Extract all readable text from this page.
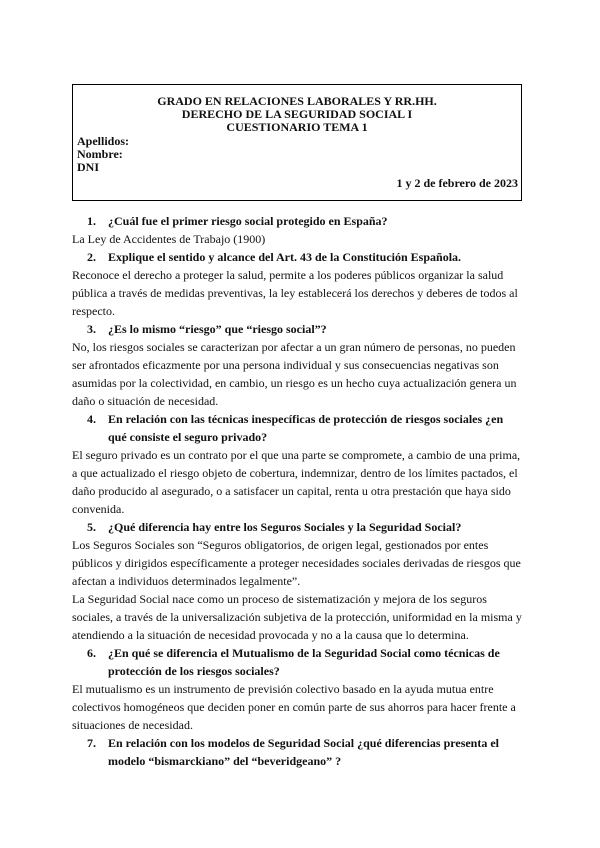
GRADO EN RELACIONES LABORALES Y RR.HH.
DERECHO DE LA SEGURIDAD SOCIAL I
CUESTIONARIO TEMA 1
Apellidos:
Nombre:
DNI
1 y 2 de febrero de 2023
1.	¿Cuál fue el primer riesgo social protegido en España?

La Ley de Accidentes de Trabajo (1900)

2.	Explique el sentido y alcance del Art. 43 de la Constitución Española.

Reconoce el derecho a proteger la salud, permite a los poderes públicos organizar la salud pública a través de medidas preventivas, la ley establecerá los derechos y deberes de todos al respecto.

3.	¿Es lo mismo “riesgo” que “riesgo social”?

No, los riesgos sociales se caracterizan por afectar a un gran número de personas, no pueden ser afrontados eficazmente por una persona individual y sus consecuencias negativas son asumidas por la colectividad, en cambio, un riesgo es un hecho cuya actualización genera un daño o situación de necesidad.

4.	En relación con las técnicas inespecíficas de protección de riesgos sociales ¿en qué consiste el seguro privado?

El seguro privado es un contrato por el que una parte se compromete, a cambio de una prima, a que actualizado el riesgo objeto de cobertura, indemnizar, dentro de los límites pactados, el daño producido al asegurado, o a satisfacer un capital, renta u otra prestación que haya sido convenida.

5.	¿Qué diferencia hay entre los Seguros Sociales y la Seguridad Social?

Los Seguros Sociales son “Seguros obligatorios, de origen legal, gestionados por entes públicos y dirigidos específicamente a proteger necesidades sociales derivadas de riesgos que afectan a individuos determinados legalmente”.

La Seguridad Social nace como un proceso de sistematización y mejora de los seguros sociales, a través de la universalización subjetiva de la protección, uniformidad en la misma y atendiendo a la situación de necesidad provocada y no a la causa que lo determina.

6.	¿En qué se diferencia el Mutualismo de la Seguridad Social como técnicas de protección de los riesgos sociales?

El mutualismo es un instrumento de previsión colectivo basado en la ayuda mutua entre colectivos homogéneos que deciden poner en común parte de sus ahorros para hacer frente a situaciones de necesidad.

7.	En relación con los modelos de Seguridad Social ¿qué diferencias presenta el modelo “bismarckiano” del “beveridgeano” ?
